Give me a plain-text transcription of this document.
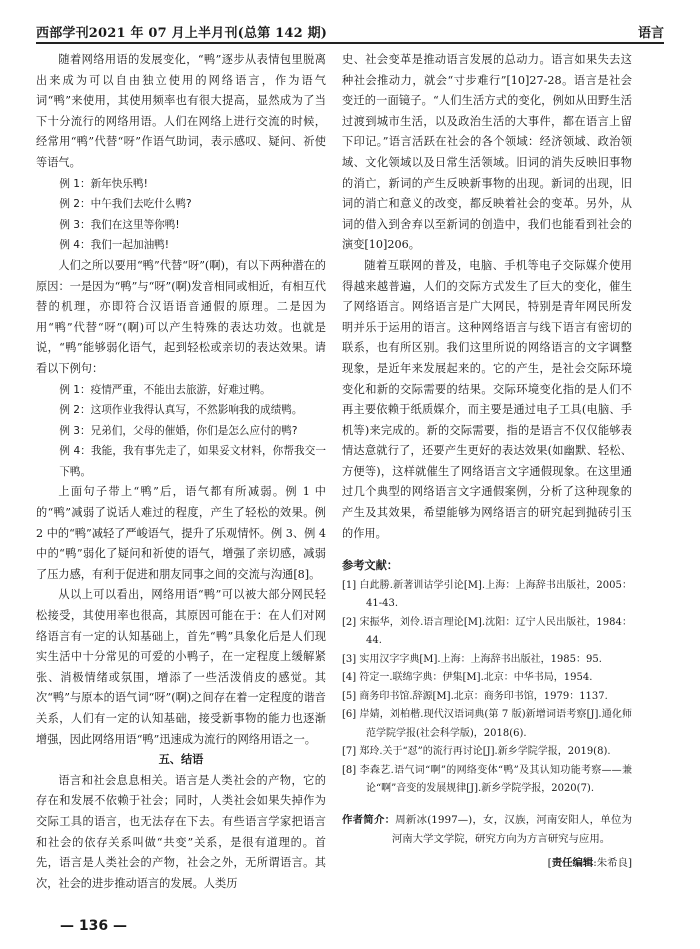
西部学刊2021 年 07 月上半月刊(总第 142 期)	语言

随着网络用语的发展变化，“鸭”逐步从表情包里脱离出来成为可以自由独立使用的网络语言，作为语气词“鸭”来使用，其使用频率也有很大提高，显然成为了当下十分流行的网络用语。人们在网络上进行交流的时候，经常用“鸭”代替“呀”作语气助词，表示感叹、疑问、祈使等语气。

例 1：新年快乐鸭!

例 2：中午我们去吃什么鸭?

例 3：我们在这里等你鸭!

例 4：我们一起加油鸭!

人们之所以要用“鸭”代替“呀”(啊)，有以下两种潜在的原因：一是因为“鸭”与“呀”(啊)发音相同或相近，有相互代替的机理，亦即符合汉语语音通假的原理。二是因为用“鸭”代替“呀”(啊)可以产生特殊的表达功效。也就是说，“鸭”能够弱化语气，起到轻松或亲切的表达效果。请看以下例句：

例 1：疫情严重，不能出去旅游，好难过鸭。

例 2：这项作业我得认真写，不然影响我的成绩鸭。

例 3：兄弟们，父母的催婚，你们是怎么应付的鸭?

例 4：我能，我有事先走了，如果妥文材料，你帮我交一下鸭。

上面句子带上“鸭”后，语气都有所减弱。例 1 中的“鸭”减弱了说话人难过的程度，产生了轻松的效果。例 2 中的“鸭”减轻了严峻语气，提升了乐观情怀。例 3、例 4 中的“鸭”弱化了疑问和祈使的语气，增强了亲切感，减弱了压力感，有利于促进和朋友同事之间的交流与沟通[8]。

从以上可以看出，网络用语“鸭”可以被大部分网民轻松接受，其使用率也很高，其原因可能在于：在人们对网络语言有一定的认知基础上，首先“鸭”具象化后是人们现实生活中十分常见的可爱的小鸭子，在一定程度上缓解紧张、消极情绪或氛围，增添了一些活泼俏皮的感觉。其次“鸭”与原本的语气词“呀”(啊)之间存在着一定程度的谐音关系，人们有一定的认知基础，接受新事物的能力也逐渐增强，因此网络用语“鸭”迅速成为流行的网络用语之一。

五、结语

语言和社会息息相关。语言是人类社会的产物，它的存在和发展不依赖于社会；同时，人类社会如果失掉作为交际工具的语言，也无法存在下去。有些语言学家把语言和社会的依存关系叫做“共变”关系，是很有道理的。首先，语言是人类社会的产物，社会之外，无所谓语言。其次，社会的进步推动语言的发展。人类历

史、社会变革是推动语言发展的总动力。语言如果失去这种社会推动力，就会“寸步难行”[10]27-28。语言是社会变迁的一面镜子。“人们生活方式的变化，例如从田野生活过渡到城市生活，以及政治生活的大事件，都在语言上留下印记。”语言活跃在社会的各个领域：经济领域、政治领域、文化领域以及日常生活领域。旧词的消失反映旧事物的消亡，新词的产生反映新事物的出现。新词的出现，旧词的消亡和意义的改变，都反映着社会的变革。另外，从词的借入到舍弃以至新词的创造中，我们也能看到社会的演变[10]206。

随着互联网的普及，电脑、手机等电子交际媒介使用得越来越普遍，人们的交际方式发生了巨大的变化，催生了网络语言。网络语言是广大网民，特别是青年网民所发明并乐于运用的语言。这种网络语言与线下语言有密切的联系，也有所区别。我们这里所说的网络语言的文字调整现象，是近年来发展起来的。它的产生，是社会交际环境变化和新的交际需要的结果。交际环境变化指的是人们不再主要依赖于纸质媒介，而主要是通过电子工具(电脑、手机等)来完成的。新的交际需要，指的是语言不仅仅能够表情达意就行了，还要产生更好的表达效果(如幽默、轻松、方便等)，这样就催生了网络语言文字通假现象。在这里通过几个典型的网络语言文字通假案例，分析了这种现象的产生及其效果，希望能够为网络语言的研究起到抛砖引玉的作用。

参考文献：

[1] 白此勝.新著训诂学引论[M].上海：上海辞书出版社，2005：41-43.

[2] 宋振华，刘伶.语言理论[M].沈阳：辽宁人民出版社，1984：44.

[3] 实用汉字字典[M].上海：上海辞书出版社，1985：95.

[4] 符定一.联绵字典：伊集[M].北京：中华书局，1954.

[5] 商务印书馆.辞源[M].北京：商务印书馆，1979：1137.

[6] 岸婧，刘柏楷.现代汉语词典(第 7 版)新增词语考察[J].通化师范学院学报(社会科学版)，2018(6).

[7] 郑玲.关于“怼”的流行再讨论[J].新乡学院学报，2019(8).

[8] 李森艺.语气词“啊”的网络变体“鸭”及其认知功能考察——兼论“啊”音变的发展规律[J].新乡学院学报，2020(7).

作者简介：周新冰(1997—)，女，汉族，河南安阳人，单位为河南大学文学院，研究方向为方言研究与应用。

[责任编辑:朱希良]

— 136 —
